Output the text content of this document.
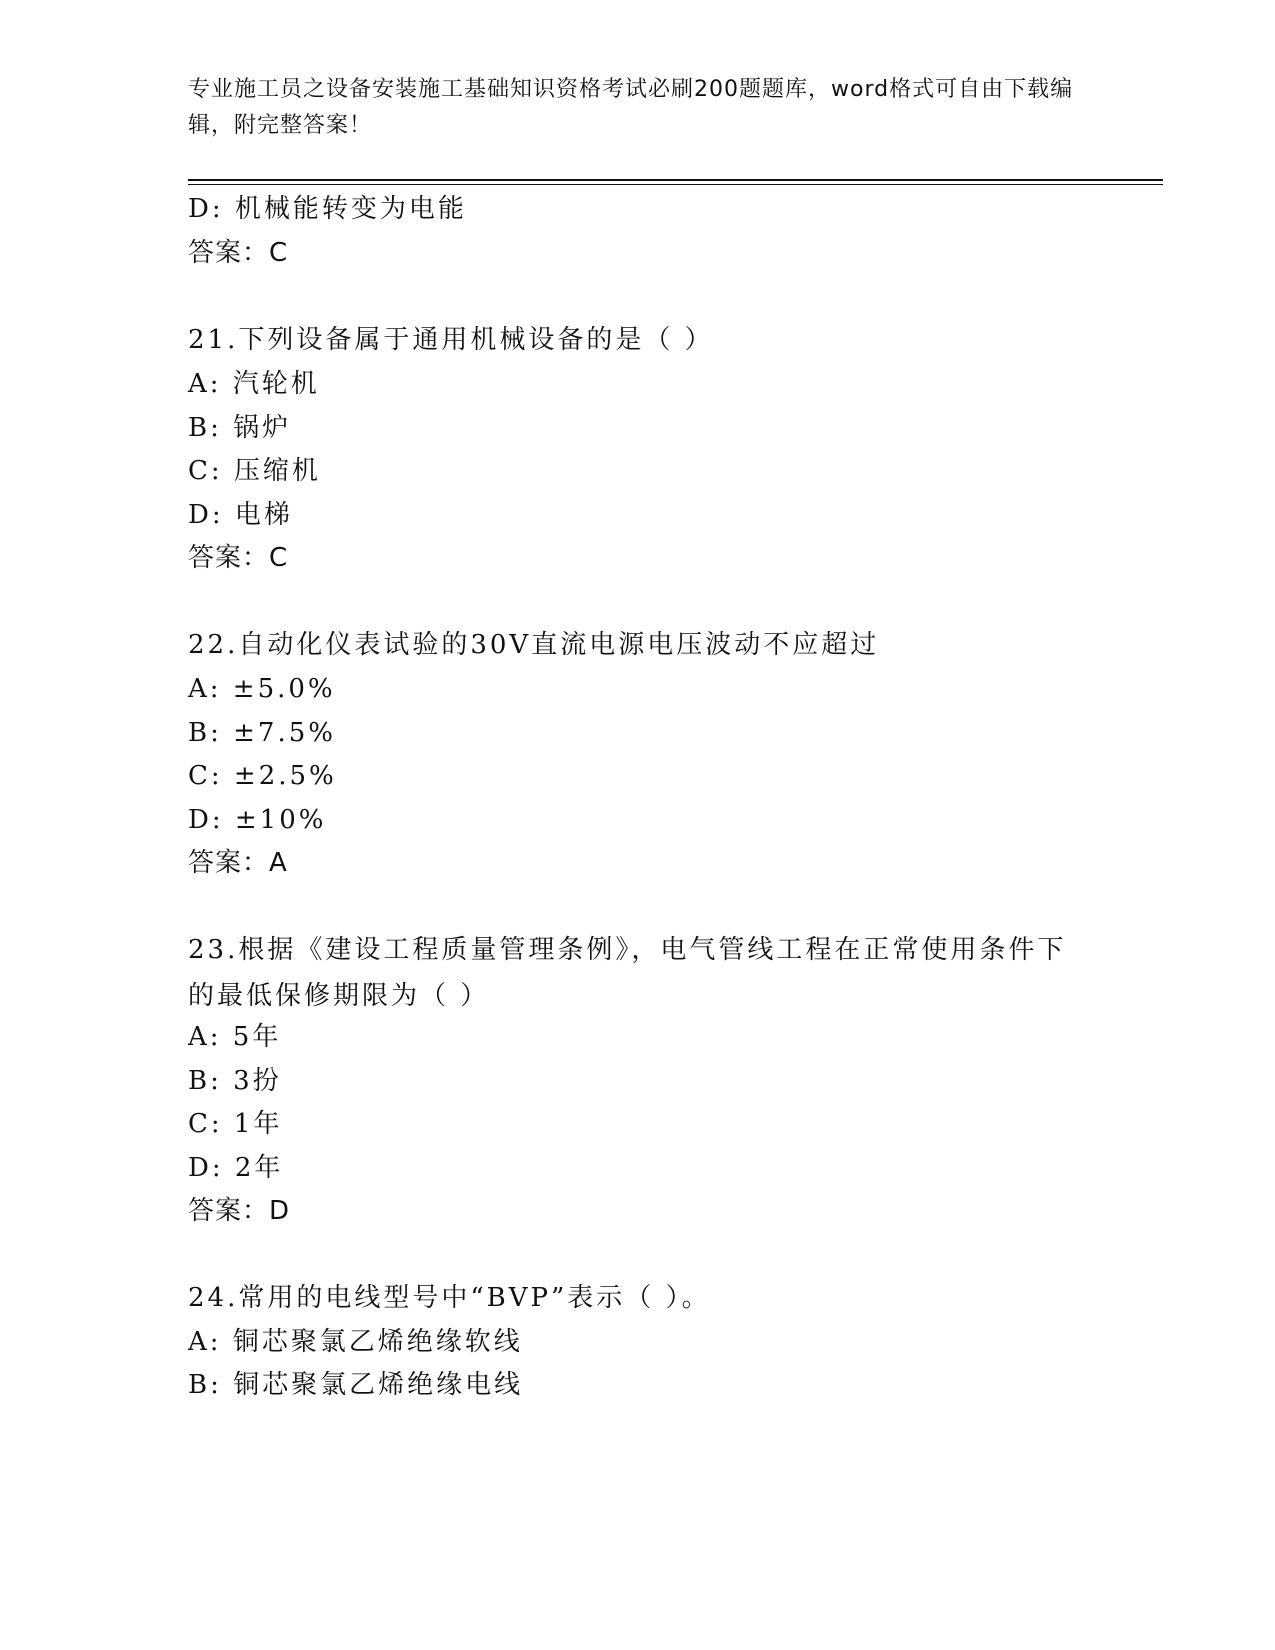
专业施工员之设备安装施工基础知识资格考试必刷200题题库，word格式可自由下载编辑，附完整答案！
D: 机械能转变为电能
答案：C
21.下列设备属于通用机械设备的是（ ）
A: 汽轮机
B: 锅炉
C: 压缩机
D: 电梯
答案：C
22.自动化仪表试验的30V直流电源电压波动不应超过
A: ±5.0%
B: ±7.5%
C: ±2.5%
D: ±10%
答案：A
23.根据《建设工程质量管理条例》，电气管线工程在正常使用条件下的最低保修期限为（ ）
A: 5年
B: 3扮
C: 1年
D: 2年
答案：D
24.常用的电线型号中“BVP”表示（ ）。
A: 铜芯聚氯乙烯绝缘软线
B: 铜芯聚氯乙烯绝缘电线
